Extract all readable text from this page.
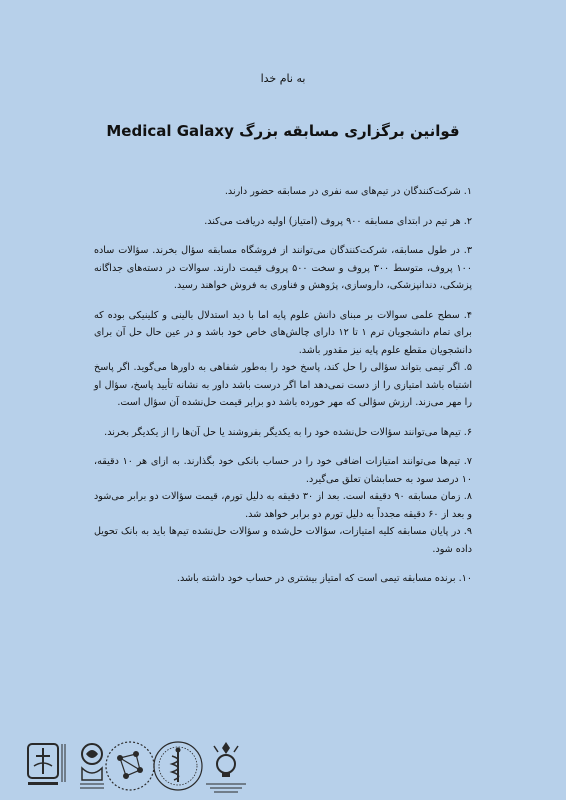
به نام خدا
قوانین برگزاری مسابقه بزرگ Medical Galaxy

۱. شرکت‌کنندگان در تیم‌های سه نفری در مسابقه حضور دارند.

۲. هر تیم در ابتدای مسابقه ۹۰۰ پروف (امتیاز) اولیه دریافت می‌کند.

۳. در طول مسابقه، شرکت‌کنندگان می‌توانند از فروشگاه مسابقه سؤال بخرند. سؤالات ساده ۱۰۰ پروف، متوسط ۳۰۰ پروف و سخت ۵۰۰ پروف قیمت دارند. سوالات در دسته‌های جداگانه پزشکی، دندانپزشکی، داروسازی، پژوهش و فناوری به فروش خواهند رسید.

۴. سطح علمی سوالات بر مبنای دانش علوم پایه اما با دید استدلال بالینی و کلینیکی بوده که برای تمام دانشجویان ترم ۱ تا ۱۲ دارای چالش‌های خاص خود باشد و در عین حال حل آن برای دانشجویان مقطع علوم پایه نیز مقدور باشد.

۵. اگر تیمی بتواند سؤالی را حل کند، پاسخ خود را به‌طور شفاهی به داورها می‌گوید. اگر پاسخ اشتباه باشد امتیازی را از دست نمی‌دهد اما اگر درست باشد داور به نشانه تأیید پاسخ، سؤال او را مهر می‌زند. ارزش سؤالی که مهر خورده باشد دو برابر قیمت حل‌نشده آن سؤال است.

۶. تیم‌ها می‌توانند سؤالات حل‌نشده خود را به یکدیگر بفروشند یا حل آن‌ها را از یکدیگر بخرند.

۷. تیم‌ها می‌توانند امتیازات اضافی خود را در حساب بانکی خود بگذارند. به ازای هر ۱۰ دقیقه، ۱۰ درصد سود به حسابشان تعلق می‌گیرد.

۸. زمان مسابقه ۹۰ دقیقه است. بعد از ۳۰ دقیقه به دلیل تورم، قیمت سؤالات دو برابر می‌شود و بعد از ۶۰ دقیقه مجدداً به دلیل تورم دو برابر خواهد شد.

۹. در پایان مسابقه کلیه امتیازات، سؤالات حل‌شده و سؤالات حل‌نشده تیم‌ها باید به بانک تحویل داده شود.

۱۰. برنده مسابقه تیمی است که امتیاز بیشتری در حساب خود داشته باشد.
